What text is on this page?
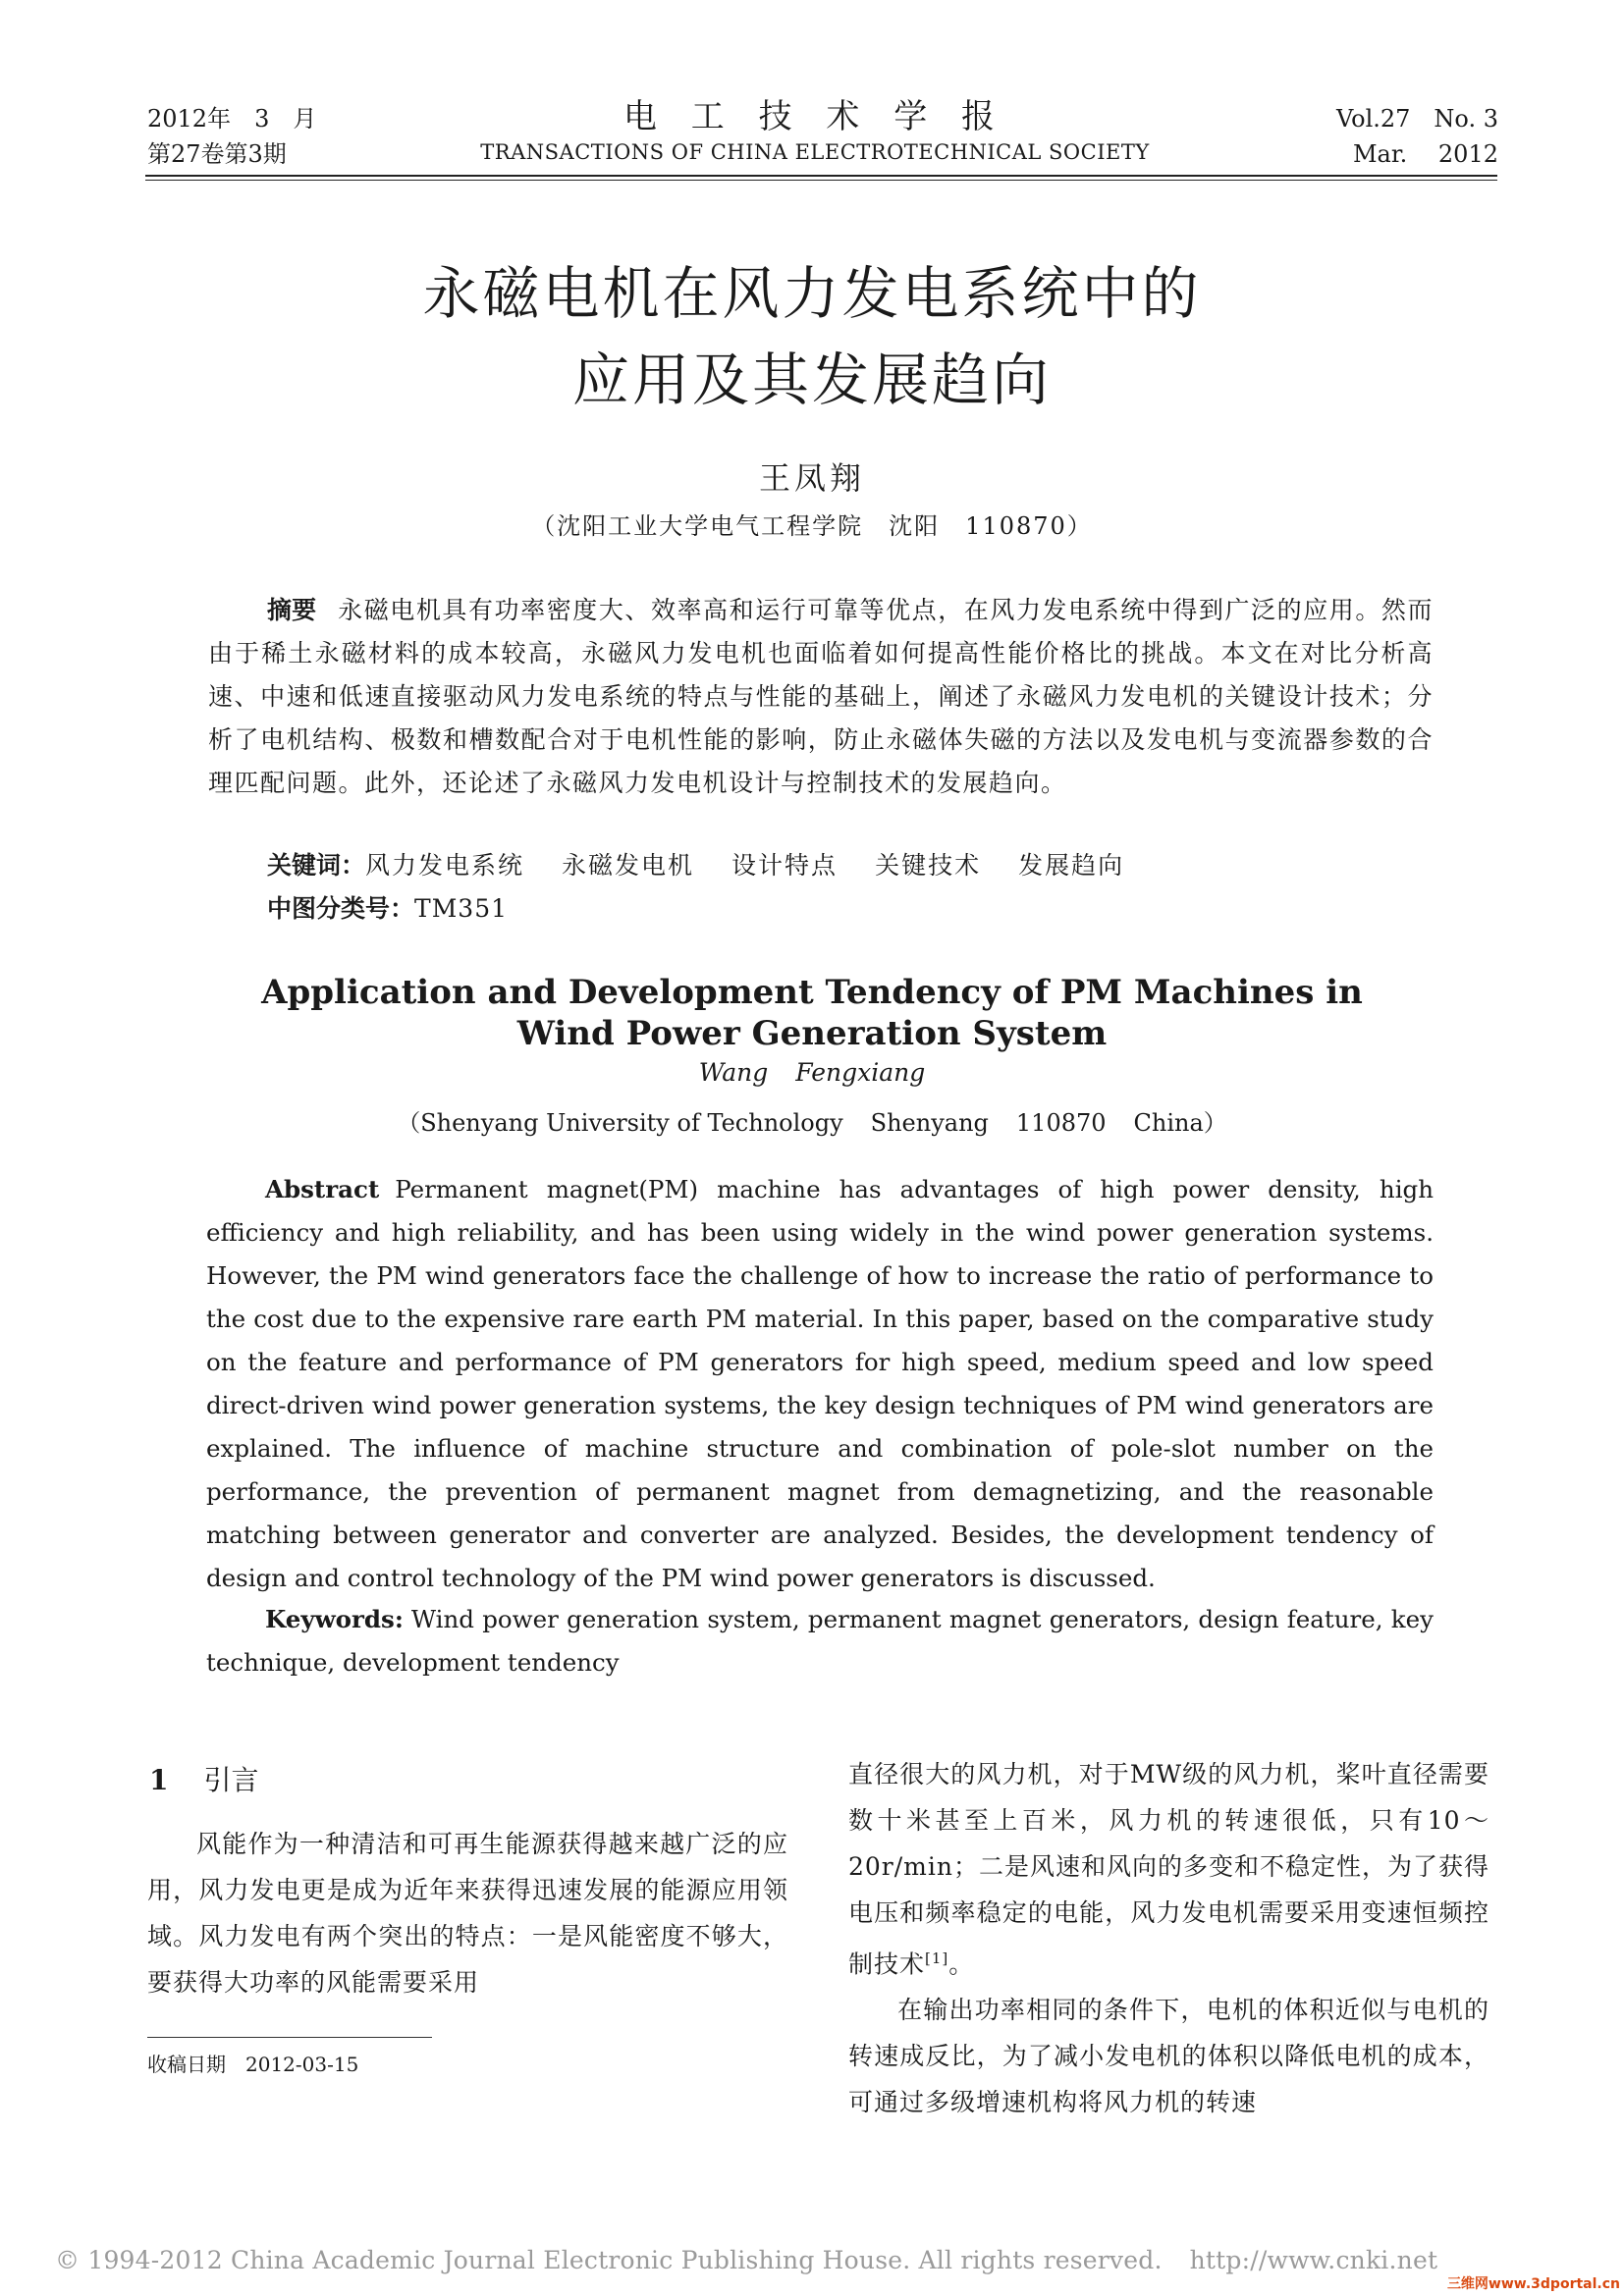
2012年　3　月
第27卷第3期
电 工 技 术 学 报
TRANSACTIONS OF CHINA ELECTROTECHNICAL SOCIETY
Vol.27　No. 3
Mar.　 2012
永磁电机在风力发电系统中的
应用及其发展趋向
王凤翔
（沈阳工业大学电气工程学院　沈阳　110870）
摘要 永磁电机具有功率密度大、效率高和运行可靠等优点，在风力发电系统中得到广泛的应用。然而由于稀土永磁材料的成本较高，永磁风力发电机也面临着如何提高性能价格比的挑战。本文在对比分析高速、中速和低速直接驱动风力发电系统的特点与性能的基础上，阐述了永磁风力发电机的关键设计技术；分析了电机结构、极数和槽数配合对于电机性能的影响，防止永磁体失磁的方法以及发电机与变流器参数的合理匹配问题。此外，还论述了永磁风力发电机设计与控制技术的发展趋向。
关键词：风力发电系统 永磁发电机 设计特点 关键技术 发展趋向
中图分类号：TM351
Application and Development Tendency of PM Machines in
Wind Power Generation System
Wang Fengxiang
（Shenyang University of Technology Shenyang 110870 China）
Abstract Permanent magnet(PM) machine has advantages of high power density, high efficiency and high reliability, and has been using widely in the wind power generation systems. However, the PM wind generators face the challenge of how to increase the ratio of performance to the cost due to the expensive rare earth PM material. In this paper, based on the comparative study on the feature and performance of PM generators for high speed, medium speed and low speed direct-driven wind power generation systems, the key design techniques of PM wind generators are explained. The influence of machine structure and combination of pole-slot number on the performance, the prevention of permanent magnet from demagnetizing, and the reasonable matching between generator and converter are analyzed. Besides, the development tendency of design and control technology of the PM wind power generators is discussed.
Keywords: Wind power generation system, permanent magnet generators, design feature, key technique, development tendency
1 引言
风能作为一种清洁和可再生能源获得越来越广泛的应用，风力发电更是成为近年来获得迅速发展的能源应用领域。风力发电有两个突出的特点：一是风能密度不够大，要获得大功率的风能需要采用
直径很大的风力机，对于MW级的风力机，桨叶直径需要数十米甚至上百米，风力机的转速很低，只有10～20r/min；二是风速和风向的多变和不稳定性，为了获得电压和频率稳定的电能，风力发电机需要采用变速恒频控制技术[1]。
在输出功率相同的条件下，电机的体积近似与电机的转速成反比，为了减小发电机的体积以降低电机的成本，可通过多级增速机构将风力机的转速
收稿日期　2012-03-15
© 1994-2012 China Academic Journal Electronic Publishing House. All rights reserved. http://www.cnki.net
三维网www.3dportal.cn
